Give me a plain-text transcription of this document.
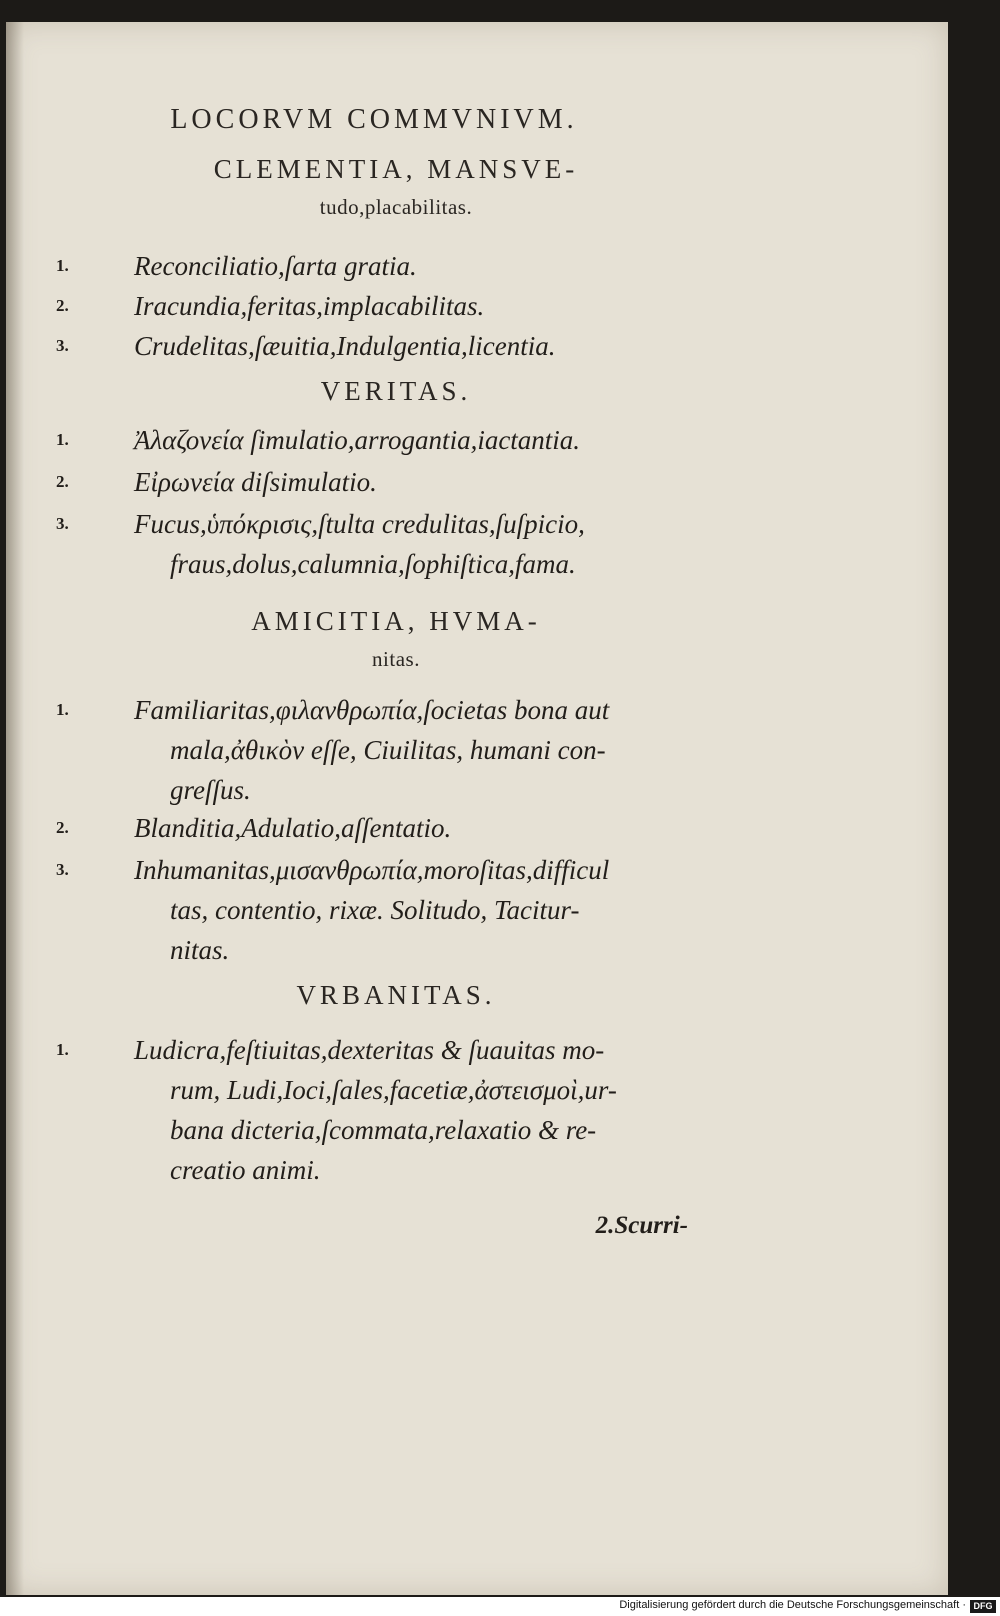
LOCORVM COMMVNIVM.
CLEMENTIA, MANSVE-
tudo,placabilitas.
1. Reconciliatio,ſarta gratia.
2. Iracundia,feritas,implacabilitas.
3. Crudelitas,ſæuitia,Indulgentia,licentia.
VERITAS.
1. Ἀλαζονεία ſimulatio,arrogantia,iactantia.
2. Εἰρωνεία diſsimulatio.
3. Fucus,ὑπόκρισις,ſtulta credulitas,ſuſpicio,
fraus,dolus,calumnia,ſophiſtica,fama.
AMICITIA, HVMA-
nitas.
1. Familiaritas,φιλανθρωπία,ſocietas bona aut
mala,ἀθικὸν eſſe, Ciuilitas, humani con-
greſſus.
2. Blanditia,Adulatio,aſſentatio.
3. Inhumanitas,μισανθρωπία,moroſitas,difficul
tas, contentio, rixæ. Solitudo, Tacitur-
nitas.
VRBANITAS.
1. Ludicra,feſtiuitas,dexteritas & ſuauitas mo-
rum, Ludi,Ioci,ſales,facetiæ,ἀστεισμοὶ,ur-
bana dicteria,ſcommata,relaxatio & re-
creatio animi.
2.Scurri-
Digitalisierung gefördert durch die Deutsche Forschungsgemeinschaft · DFG
